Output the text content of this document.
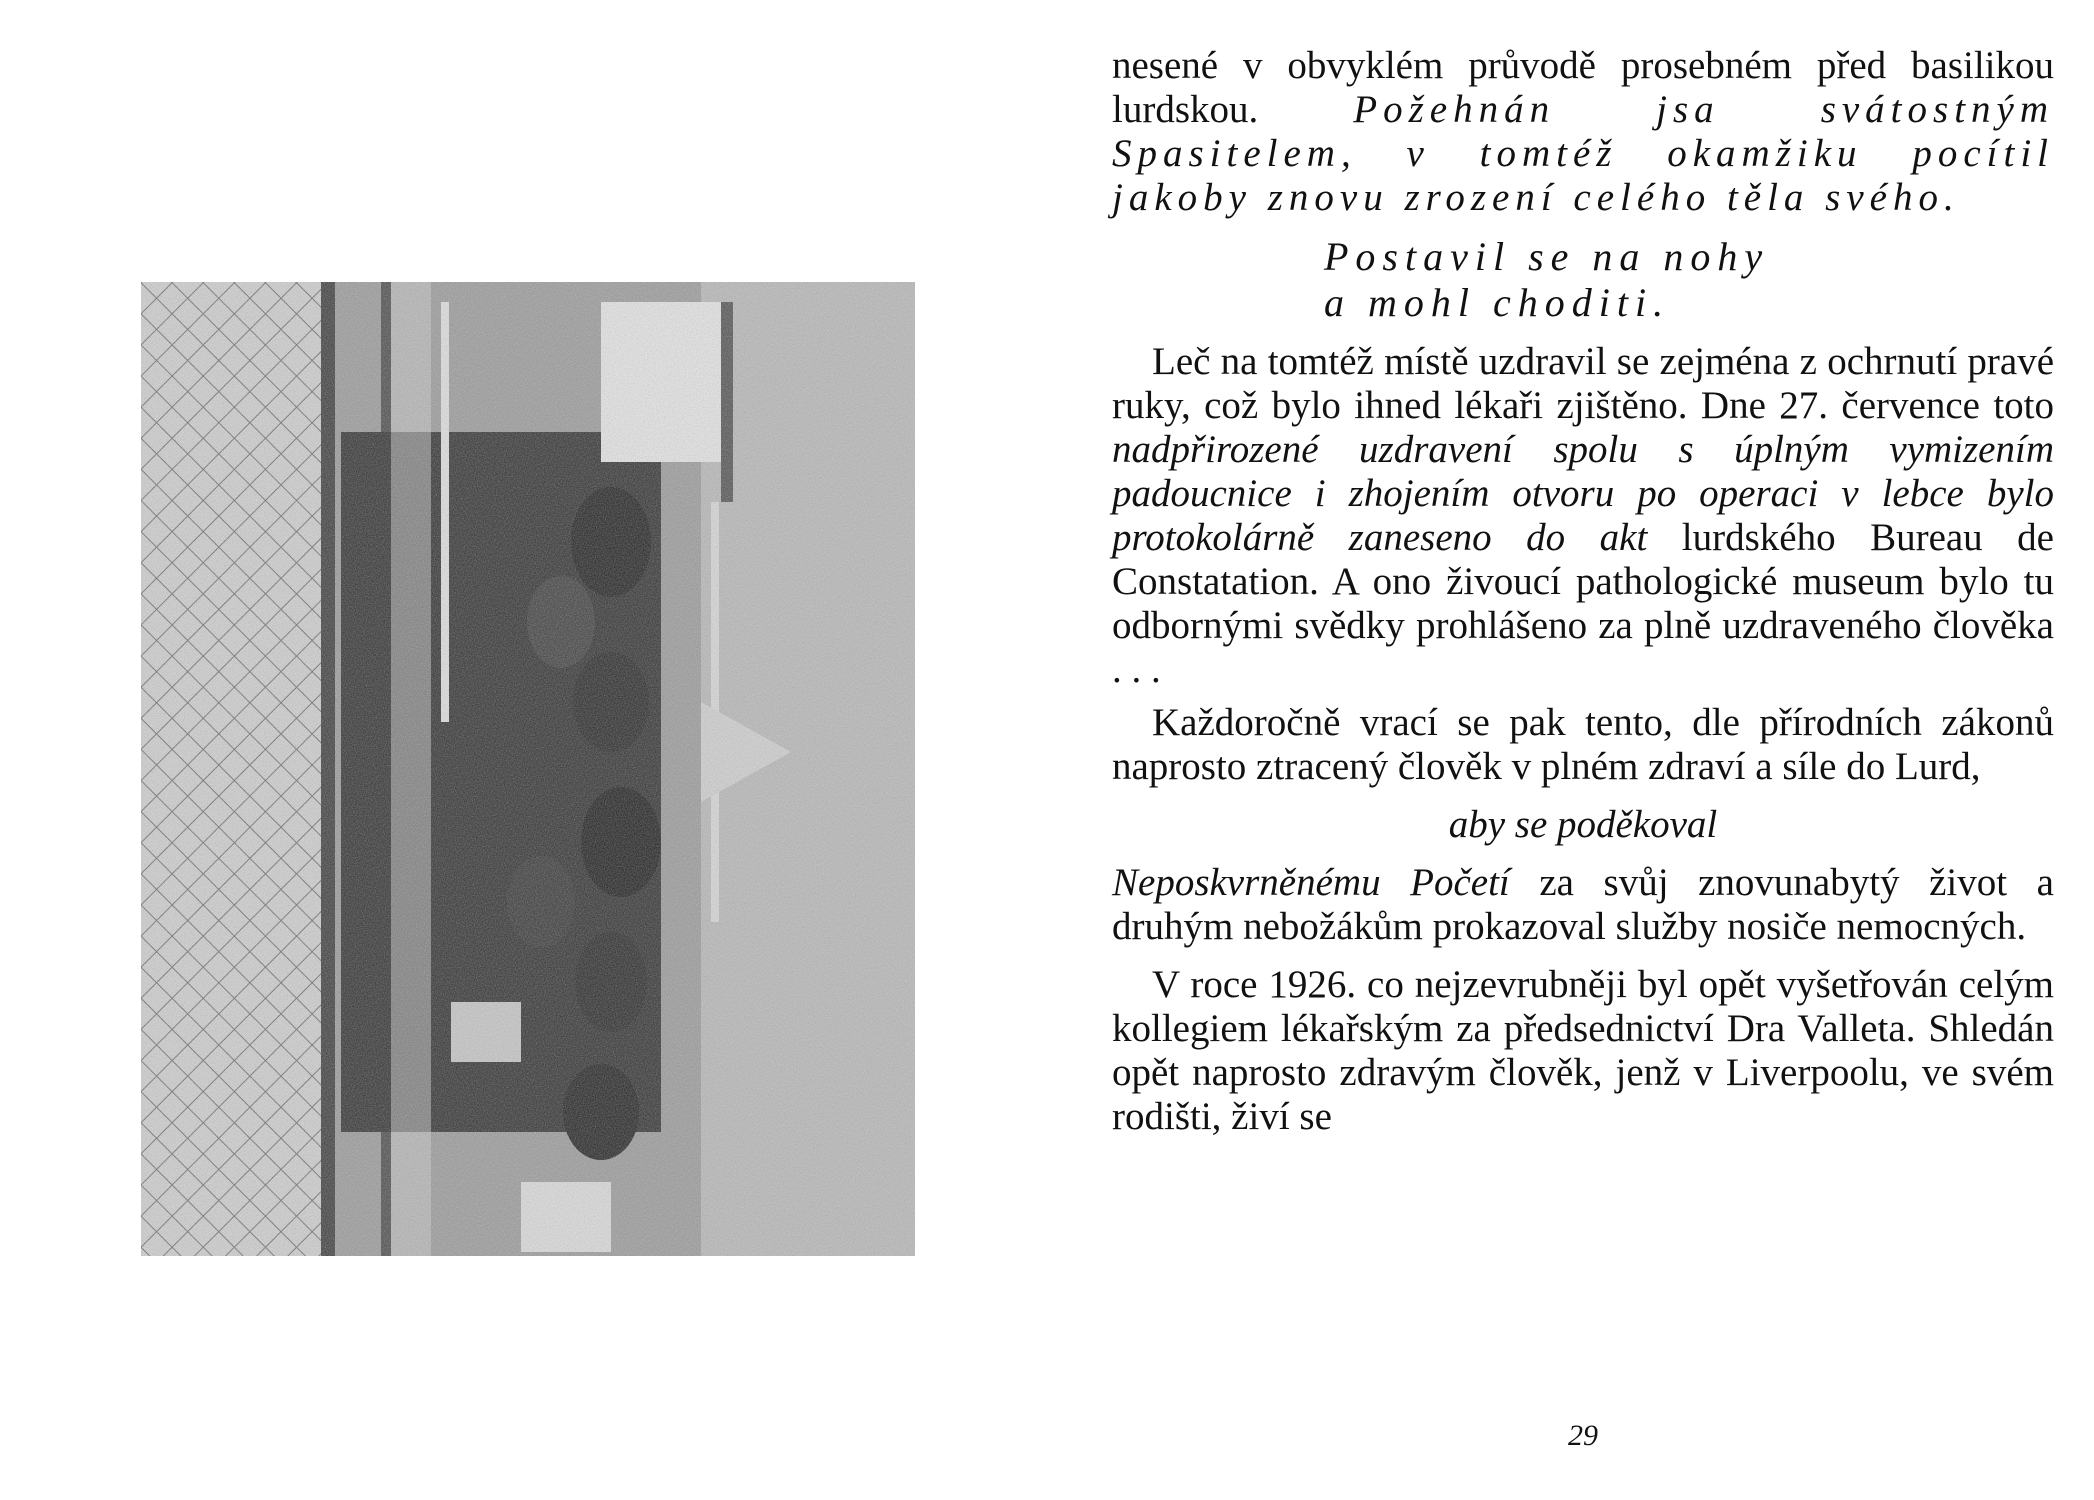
nesené v obvyklém průvodě prosebném před basilikou lurdskou. Požehnán jsa svátostným Spasitelem, v tomtéž okamžiku pocítil jakoby znovu zrození celého těla svého.

Postavil se na nohy
a mohl choditi.

Leč na tomtéž místě uzdravil se zejména z ochrnutí pravé ruky, což bylo ihned lékaři zjištěno. Dne 27. července toto nadpřirozené uzdravení spolu s úplným vymizením padoucnice i zhojením otvoru po operaci v lebce bylo protokolárně zaneseno do akt lurdského Bureau de Constatation. A ono živoucí pathologické museum bylo tu odbornými svědky prohlášeno za plně uzdraveného člověka . . .

Každoročně vrací se pak tento, dle přírodních zákonů naprosto ztracený člověk v plném zdraví a síle do Lurd,

aby se poděkoval

Neposkvrněnému Početí za svůj znovunabytý život a druhým nebožákům prokazoval služby nosiče nemocných.

V roce 1926. co nejzevrubněji byl opět vyšetřován celým kollegiem lékařským za předsednictví Dra Valleta. Shledán opět naprosto zdravým člověk, jenž v Liverpoolu, ve svém rodišti, živí se

29
